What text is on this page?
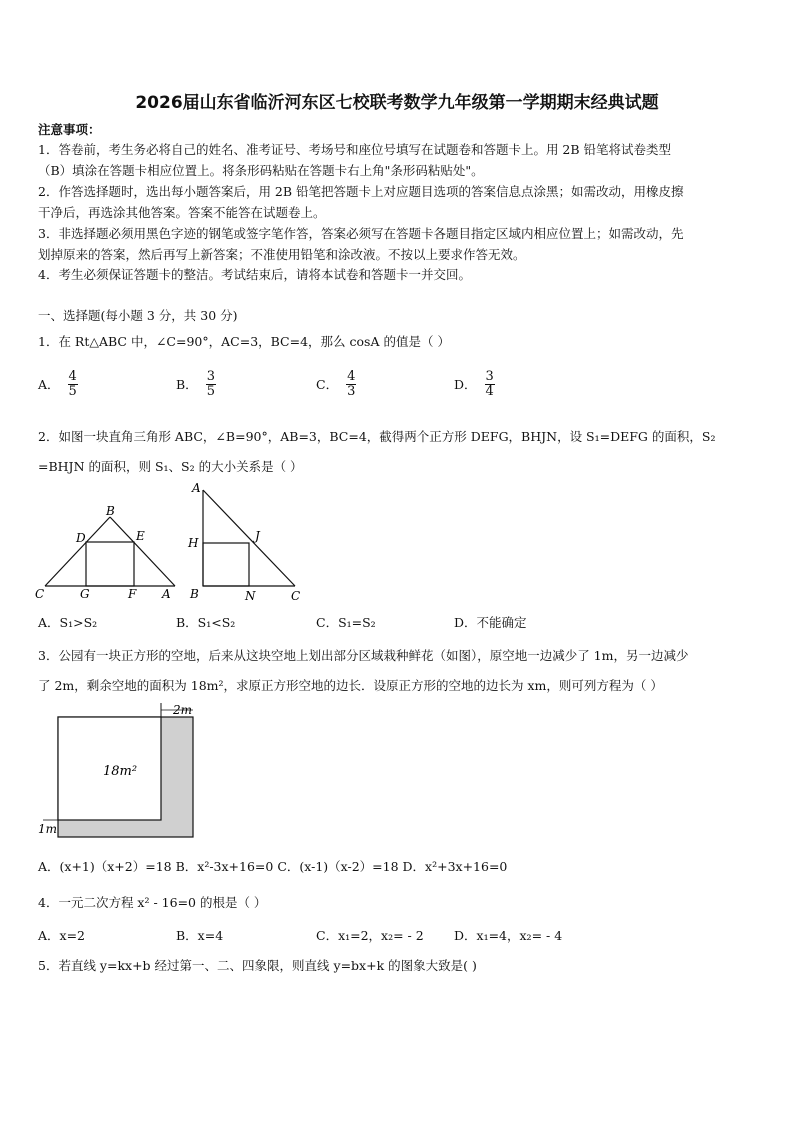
2026届山东省临沂河东区七校联考数学九年级第一学期期末经典试题
注意事项：
1．答卷前，考生务必将自己的姓名、准考证号、考场号和座位号填写在试题卷和答题卡上。用 2B 铅笔将试卷类型
（B）填涂在答题卡相应位置上。将条形码粘贴在答题卡右上角"条形码粘贴处"。
2．作答选择题时，选出每小题答案后，用 2B 铅笔把答题卡上对应题目选项的答案信息点涂黑；如需改动，用橡皮擦
干净后，再选涂其他答案。答案不能答在试题卷上。
3．非选择题必须用黑色字迹的钢笔或签字笔作答，答案必须写在答题卡各题目指定区域内相应位置上；如需改动，先
划掉原来的答案，然后再写上新答案；不准使用铅笔和涂改液。不按以上要求作答无效。
4．考生必须保证答题卡的整洁。考试结束后，请将本试卷和答题卡一并交回。
一、选择题(每小题 3 分，共 30 分)
1．在 Rt△ABC 中，∠C=90°，AC=3，BC=4，那么 cosA 的值是（ ）
A． $\frac{4}{5}$	B． $\frac{3}{5}$	C． $\frac{4}{3}$	D． $\frac{3}{4}$
2．如图一块直角三角形 ABC，∠B=90°，AB=3，BC=4，截得两个正方形 DEFG，BHJN，设 S₁=DEFG 的面积，S₂
=BHJN 的面积，则 S₁、S₂ 的大小关系是（ ）
B
D	E
C	G	F A
A
H	J
B	N	C
A．S₁>S₂	B．S₁<S₂	C．S₁=S₂	D．不能确定
3．公园有一块正方形的空地，后来从这块空地上划出部分区域栽种鲜花（如图），原空地一边减少了 1m，另一边减少
了 2m，剩余空地的面积为 18m²，求原正方形空地的边长．设原正方形的空地的边长为 xm，则可列方程为（ ）
2m
18m²
1m
A．(x+1)（x+2）=18 B．x²-3x+16=0 C．(x-1)（x-2）=18 D．x²+3x+16=0
4．一元二次方程 x² - 16=0 的根是（ ）
A．x=2	B．x=4	C．x₁=2，x₂= - 2 D．x₁=4，x₂= - 4
5．若直线 y=kx+b 经过第一、二、四象限，则直线 y=bx+k 的图象大致是( )
